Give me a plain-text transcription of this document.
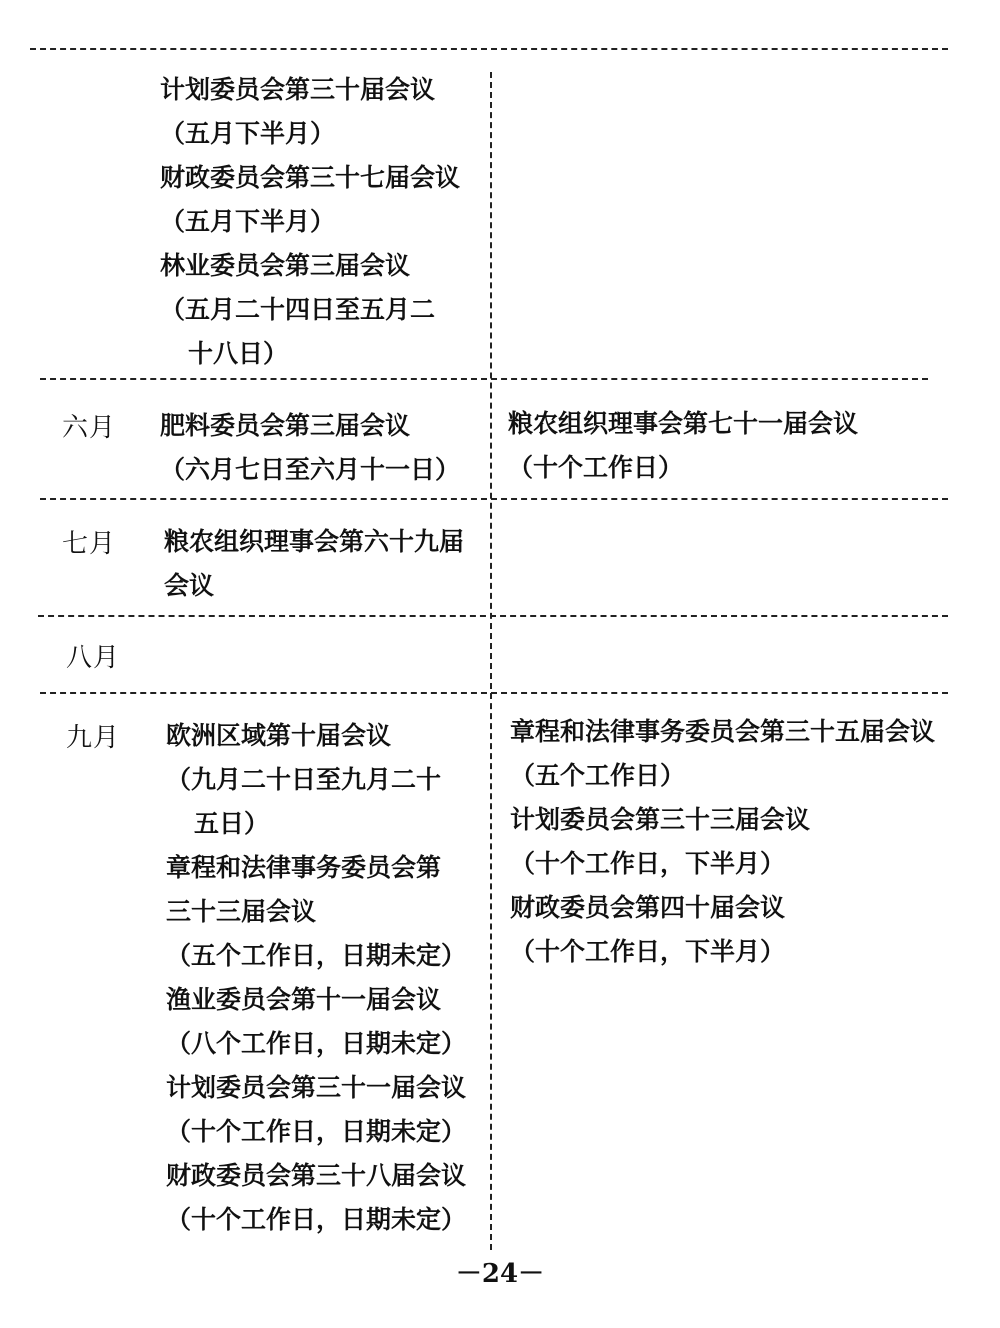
计划委员会第三十届会议
（五月下半月）
财政委员会第三十七届会议
（五月下半月）
林业委员会第三届会议
（五月二十四日至五月二
十八日）
六月 肥料委员会第三届会议
（六月七日至六月十一日）
粮农组织理事会第七十一届会议
（十个工作日）
七月 粮农组织理事会第六十九届
会议
八月
九月 欧洲区域第十届会议
（九月二十日至九月二十
五日）
章程和法律事务委员会第
三十三届会议
（五个工作日，日期未定）
渔业委员会第十一届会议
（八个工作日，日期未定）
计划委员会第三十一届会议
（十个工作日，日期未定）
财政委员会第三十八届会议
（十个工作日，日期未定）
章程和法律事务委员会第三十五届会议
（五个工作日）
计划委员会第三十三届会议
（十个工作日，下半月）
财政委员会第四十届会议
（十个工作日，下半月）
－24－
